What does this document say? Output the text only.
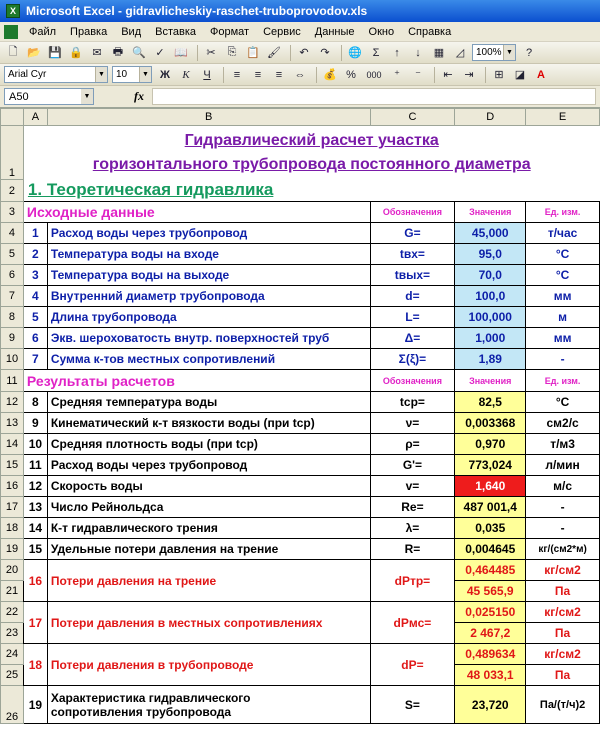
X Microsoft Excel - gidravlicheskiy-raschet-truboprovodov.xls
Файл	Правка	Вид	Вставка	Формат	Сервис	Данные	Окно	Справка
🗋 📂 💾 🔒 ✉	🖶 🔍 ✓ 📖	✂	⎘ 📋 🖌	↶	↷	🌐 Σ	↑	↓	▦	◿	100% ▼	?
Arial Cyr	▼ 10	▼	Ж	К	Ч	≡	≡	≡	⇔	💰 %	000	⁺	⁻	⇤	⇥	⊞	◪	A
A50	▼	fx
	A	B	C	D	E
1	Гидравлический расчет участка
горизонтального трубопровода постоянного диаметра				

2	1. Теоретическая гидравлика				
3	Исходные данные		Обозначения	Значения	Ед. изм.
4	1	Расход воды через трубопровод	G=	45,000	т/час
5	2	Температура воды на входе	tвх=	95,0	°С
6	3	Температура воды на выходе	tвых=	70,0	°С
7	4	Внутренний диаметр трубопровода	d=	100,0	мм
8	5	Длина трубопровода	L=	100,000	м
9	6	Экв. шероховатость внутр. поверхностей труб	Δ=	1,000	мм
10	7	Сумма к-тов местных сопротивлений	Σ(ξ)=	1,89	-
11	Результаты расчетов		Обозначения	Значения	Ед. изм.
12	8	Средняя температура воды	tср=	82,5	°С
13	9	Кинематический к-т вязкости воды (при tср)	ν=	0,003368	см2/с
14	10	Средняя плотность воды (при tср)	ρ=	0,970	т/м3
15	11	Расход воды через трубопровод	G'=	773,024	л/мин
16	12	Скорость воды	v=	1,640	м/с
17	13	Число Рейнольдса	Re=	487 001,4	-
18	14	К-т гидравлического трения	λ=	0,035	-
19	15	Удельные потери давления на трение	R=	0,004645	кг/(см2*м)
20	16	Потери давления на трение	dPтр=	0,464485	кг/см2
21				45 565,9	Па
22	17	Потери давления в местных сопротивлениях	dPмс=	0,025150	кг/см2
23				2 467,2	Па
24	18	Потери давления в трубопроводе	dP=	0,489634	кг/см2
25				48 033,1	Па
26	19	Характеристика гидравлического
сопротивления трубопровода	S=	23,720	Па/(т/ч)2
